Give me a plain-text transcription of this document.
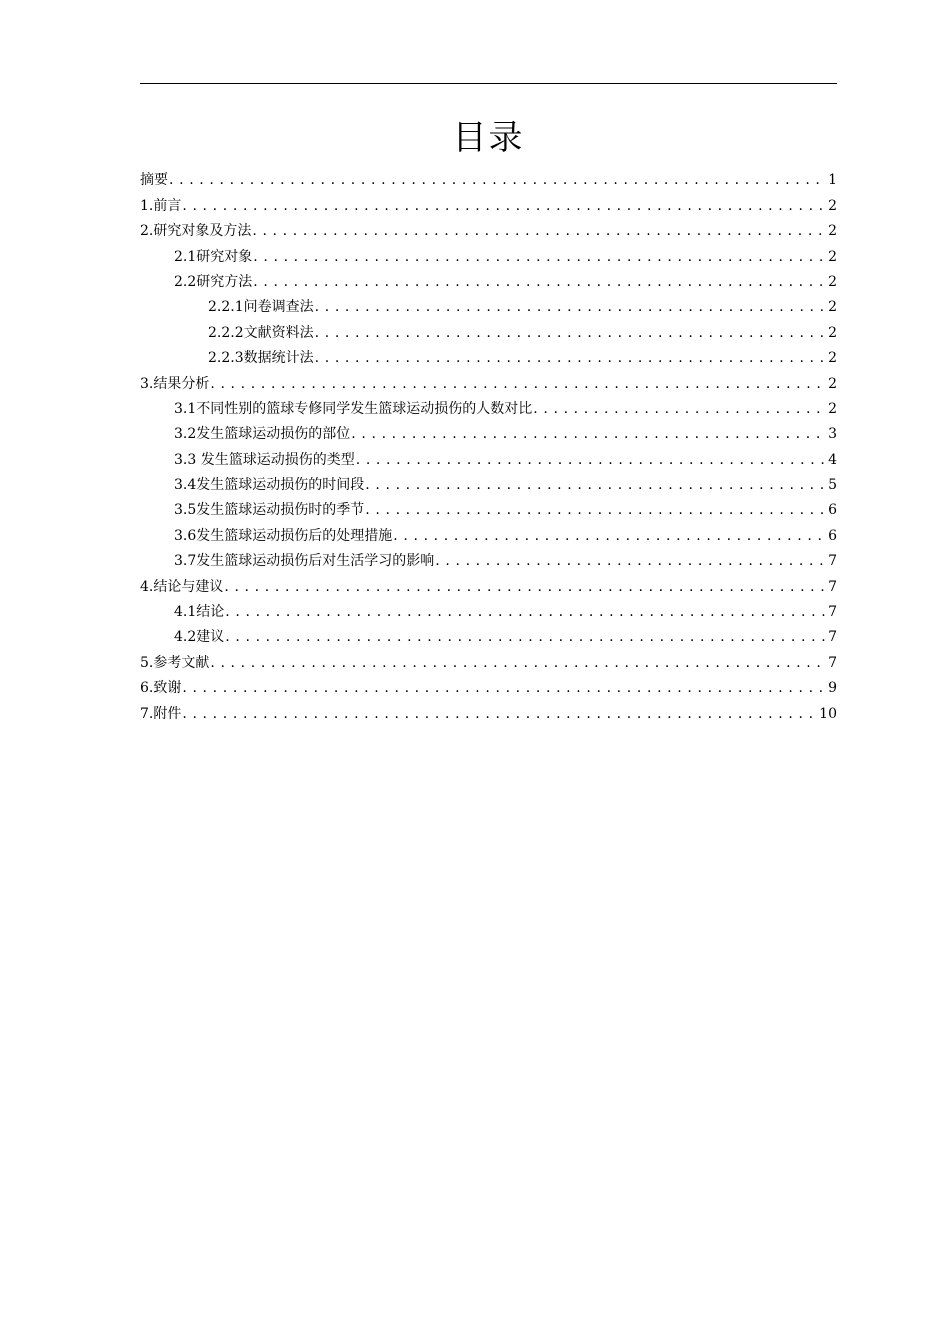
目录
摘要 . . .	1
1.前言 . . .	2
2.研究对象及方法 . . .	2
2.1研究对象 . . .	2
2.2研究方法 . . .	2
2.2.1问卷调查法 . . .	2
2.2.2文献资料法 . . .	2
2.2.3数据统计法 . . .	2
3.结果分析 . . .	2
3.1不同性别的篮球专修同学发生篮球运动损伤的人数对比 . . .	2
3.2发生篮球运动损伤的部位 . . .	3
3.3 发生篮球运动损伤的类型 . . .	4
3.4发生篮球运动损伤的时间段 . . .	5
3.5发生篮球运动损伤时的季节 . . .	6
3.6发生篮球运动损伤后的处理措施 . . .	6
3.7发生篮球运动损伤后对生活学习的影响 . . .	7
4.结论与建议 . . .	7
4.1结论 . . .	7
4.2建议 . . .	7
5.参考文献 . . .	7
6.致谢 . . .	9
7.附件 . . .	10
